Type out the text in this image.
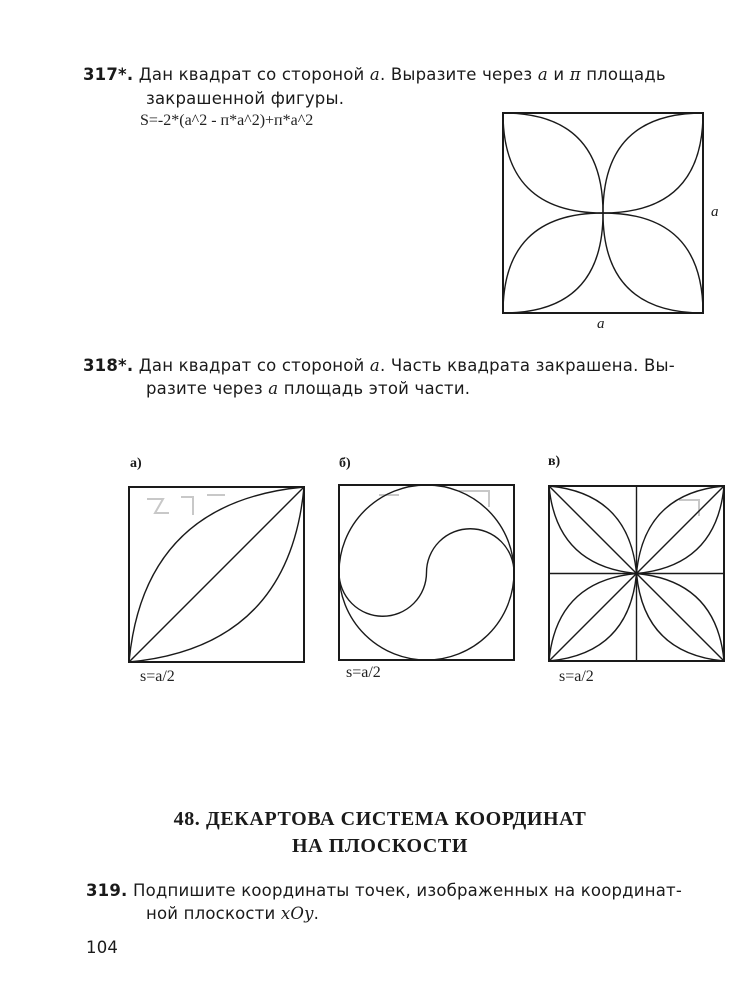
317*. Дан квадрат со стороной a. Выразите через a и π площадь
закрашенной фигуры.
S=-2*(a^2 - п*a^2)+п*a^2
a
a
318*. Дан квадрат со стороной a. Часть квадрата закрашена. Вы-
разите через a площадь этой части.
а)
s=a/2
б)
s=a/2
в)
s=a/2
48. ДЕКАРТОВА СИСТЕМА КООРДИНАТ
НА ПЛОСКОСТИ
319. Подпишите координаты точек, изображенных на координат-
ной плоскости xOy.
104
